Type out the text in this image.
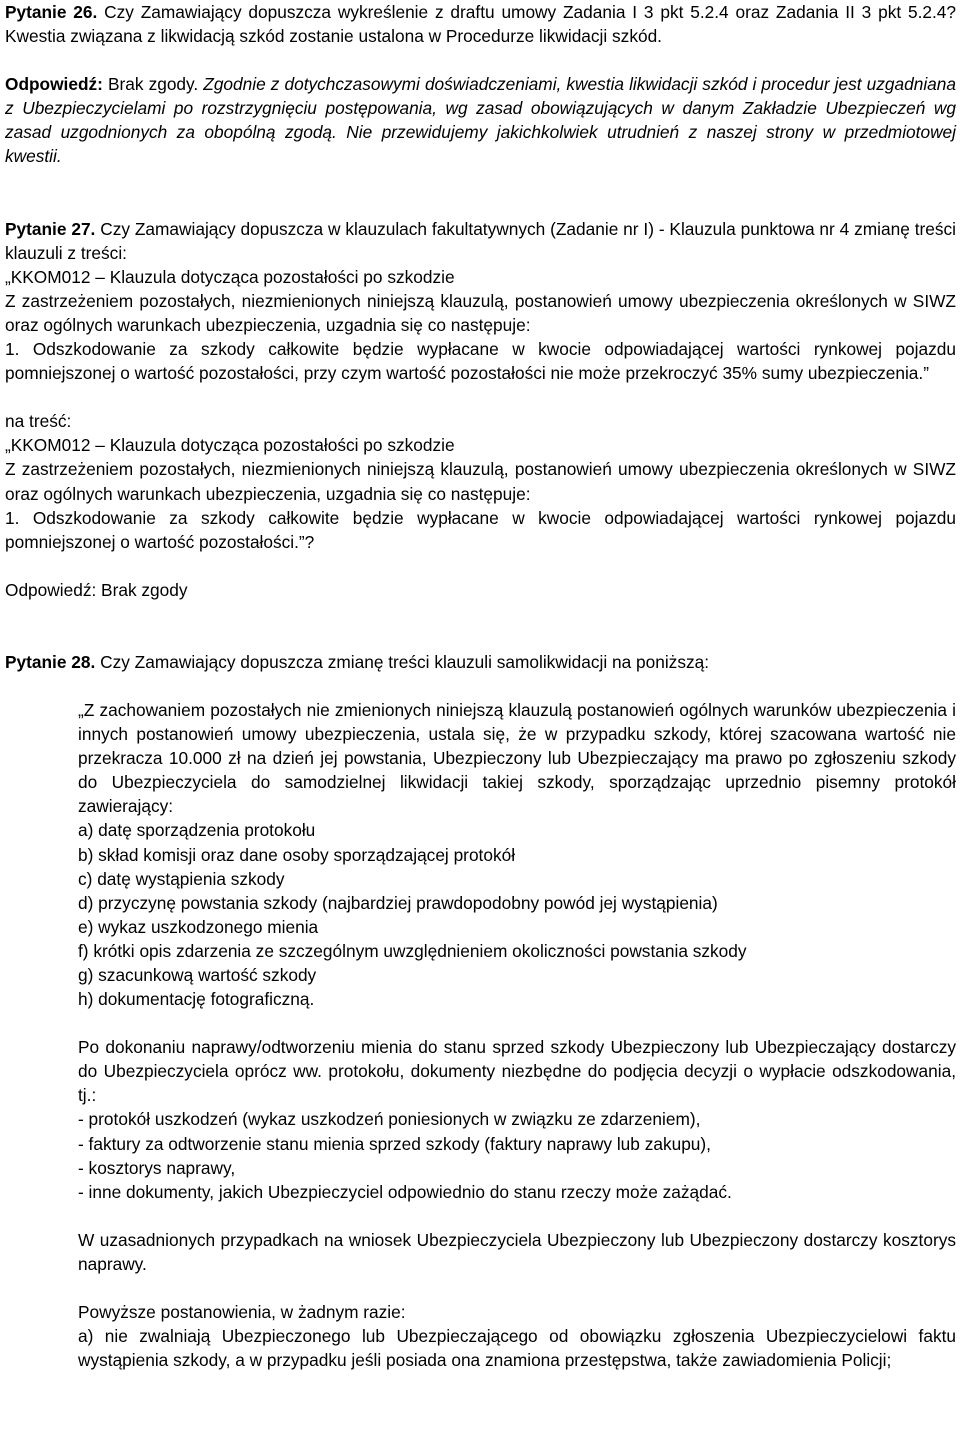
Pytanie 26. Czy Zamawiający dopuszcza wykreślenie z draftu umowy Zadania I 3 pkt 5.2.4 oraz Zadania II 3 pkt 5.2.4? Kwestia związana z likwidacją szkód zostanie ustalona w Procedurze likwidacji szkód.

Odpowiedź: Brak zgody. Zgodnie z dotychczasowymi doświadczeniami, kwestia likwidacji szkód i procedur jest uzgadniana z Ubezpieczycielami po rozstrzygnięciu postępowania, wg zasad obowiązujących w danym Zakładzie Ubezpieczeń wg zasad uzgodnionych za obopólną zgodą. Nie przewidujemy jakichkolwiek utrudnień z naszej strony w przedmiotowej kwestii.

Pytanie 27. Czy Zamawiający dopuszcza w klauzulach fakultatywnych (Zadanie nr I) - Klauzula punktowa nr 4 zmianę treści klauzuli z treści:

„KKOM012 – Klauzula dotycząca pozostałości po szkodzie

Z zastrzeżeniem pozostałych, niezmienionych niniejszą klauzulą, postanowień umowy ubezpieczenia określonych w SIWZ oraz ogólnych warunkach ubezpieczenia, uzgadnia się co następuje:

1. Odszkodowanie za szkody całkowite będzie wypłacane w kwocie odpowiadającej wartości rynkowej pojazdu pomniejszonej o wartość pozostałości, przy czym wartość pozostałości nie może przekroczyć 35% sumy ubezpieczenia.”

na treść:

„KKOM012 – Klauzula dotycząca pozostałości po szkodzie

Z zastrzeżeniem pozostałych, niezmienionych niniejszą klauzulą, postanowień umowy ubezpieczenia określonych w SIWZ oraz ogólnych warunkach ubezpieczenia, uzgadnia się co następuje:

1. Odszkodowanie za szkody całkowite będzie wypłacane w kwocie odpowiadającej wartości rynkowej pojazdu pomniejszonej o wartość pozostałości.”?

Odpowiedź: Brak zgody

Pytanie 28. Czy Zamawiający dopuszcza zmianę treści klauzuli samolikwidacji na poniższą:

„Z zachowaniem pozostałych nie zmienionych niniejszą klauzulą postanowień ogólnych warunków ubezpieczenia i innych postanowień umowy ubezpieczenia, ustala się, że w przypadku szkody, której szacowana wartość nie przekracza 10.000 zł na dzień jej powstania, Ubezpieczony lub Ubezpieczający ma prawo po zgłoszeniu szkody do Ubezpieczyciela do samodzielnej likwidacji takiej szkody, sporządzając uprzednio pisemny protokół zawierający:

a) datę sporządzenia protokołu

b) skład komisji oraz dane osoby sporządzającej protokół

c) datę wystąpienia szkody

d) przyczynę powstania szkody (najbardziej prawdopodobny powód jej wystąpienia)

e) wykaz uszkodzonego mienia

f) krótki opis zdarzenia ze szczególnym uwzględnieniem okoliczności powstania szkody

g) szacunkową wartość szkody

h) dokumentację fotograficzną.

Po dokonaniu naprawy/odtworzeniu mienia do stanu sprzed szkody Ubezpieczony lub Ubezpieczający dostarczy do Ubezpieczyciela oprócz ww. protokołu, dokumenty niezbędne do podjęcia decyzji o wypłacie odszkodowania, tj.:

- protokół uszkodzeń (wykaz uszkodzeń poniesionych w związku ze zdarzeniem),

- faktury za odtworzenie stanu mienia sprzed szkody (faktury naprawy lub zakupu),

- kosztorys naprawy,

- inne dokumenty, jakich Ubezpieczyciel odpowiednio do stanu rzeczy może zażądać.

W uzasadnionych przypadkach na wniosek Ubezpieczyciela Ubezpieczony lub Ubezpieczony dostarczy kosztorys naprawy.

Powyższe postanowienia, w żadnym razie:

a) nie zwalniają Ubezpieczonego lub Ubezpieczającego od obowiązku zgłoszenia Ubezpieczycielowi faktu wystąpienia szkody, a w przypadku jeśli posiada ona znamiona przestępstwa, także zawiadomienia Policji;
